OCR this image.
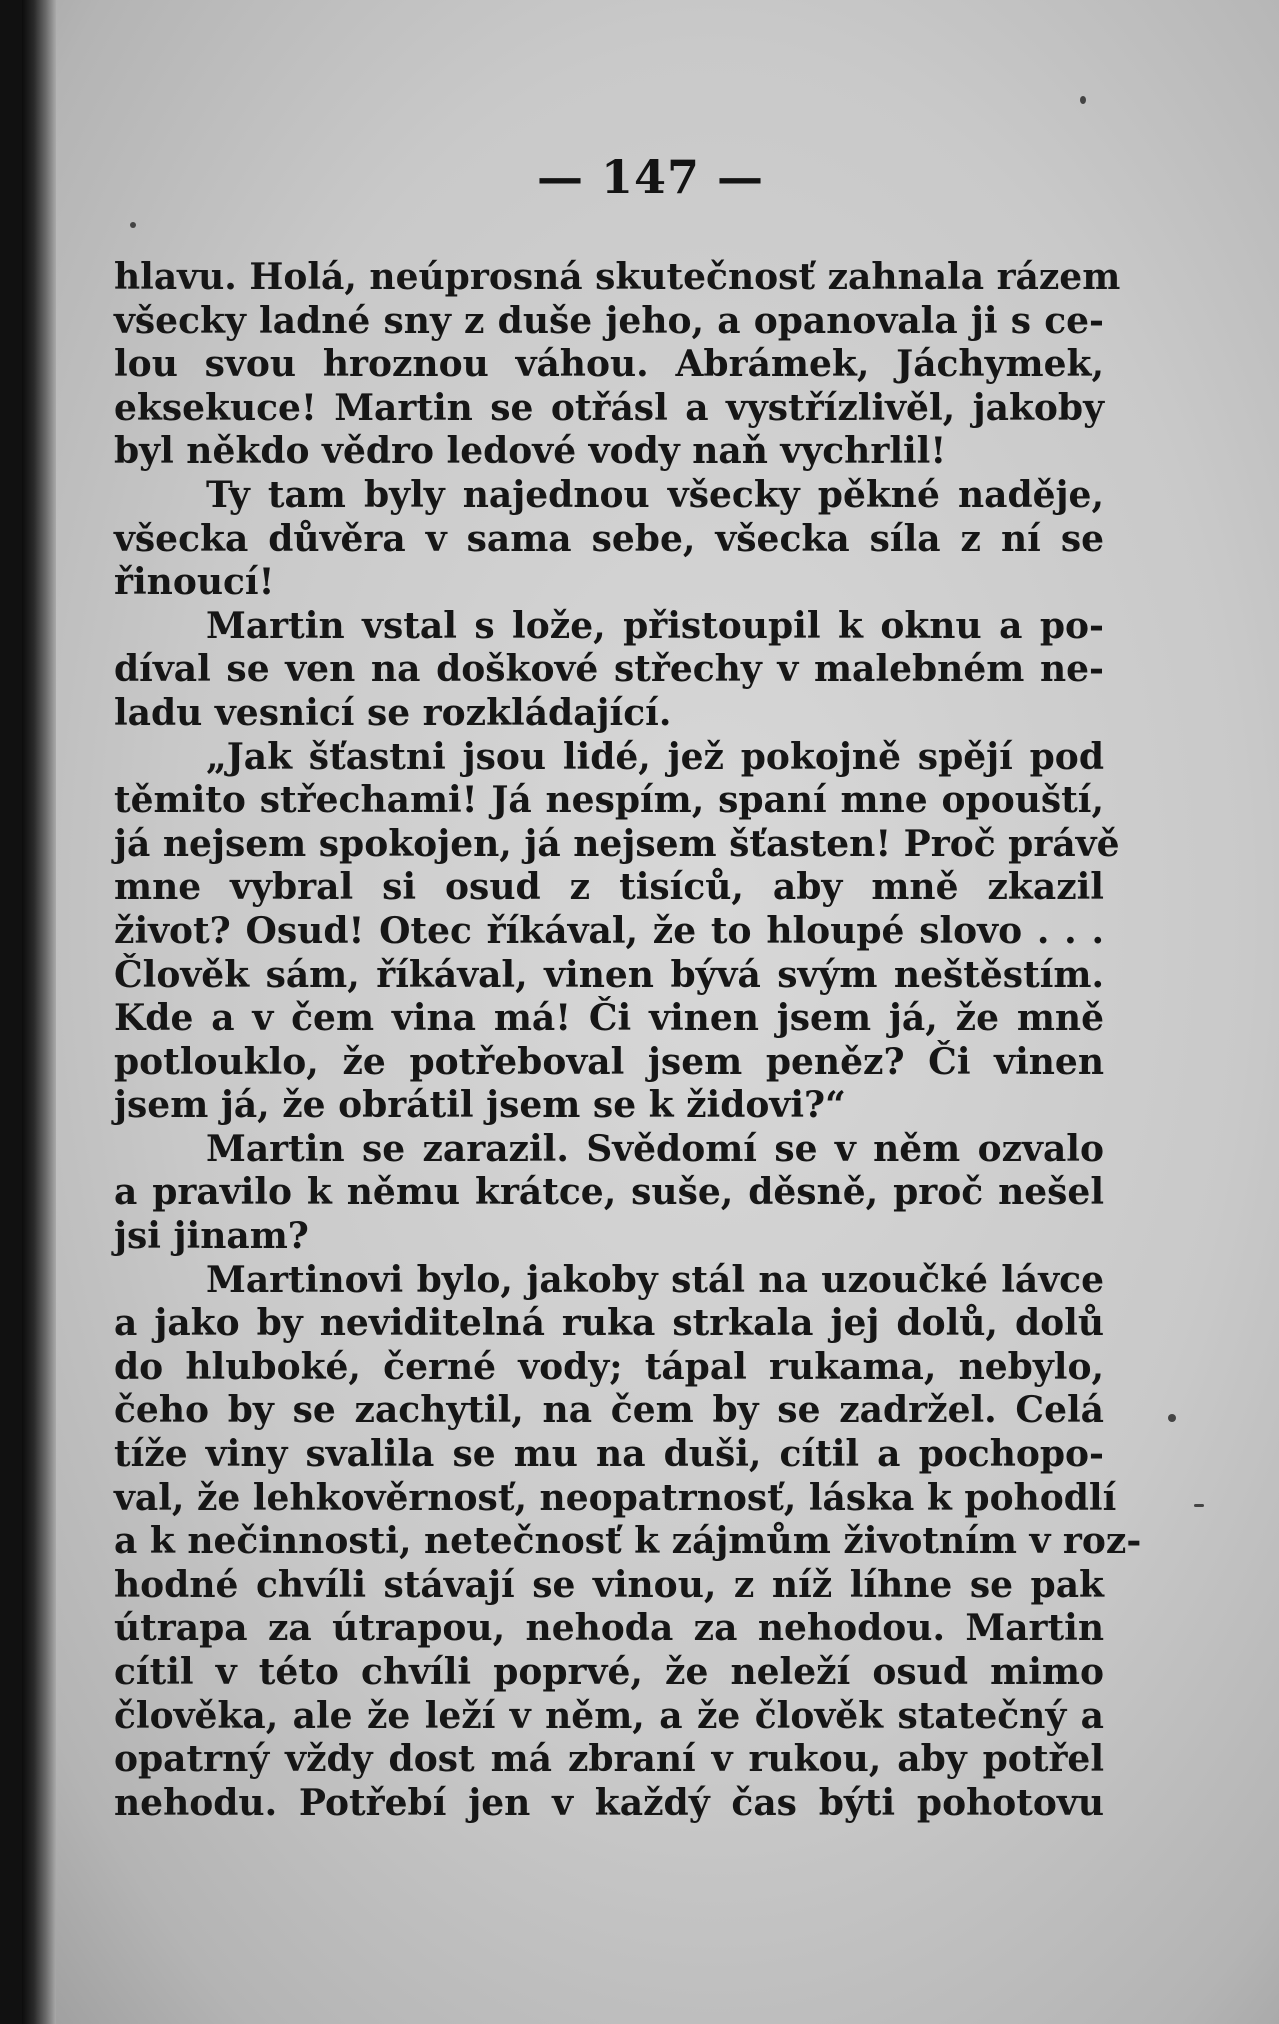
— 147 —
hlavu. Holá, neúprosná skutečnosť zahnala rázem
všecky ladné sny z duše jeho, a opanovala ji s ce-
lou svou hroznou váhou. Abrámek, Jáchymek,
eksekuce! Martin se otřásl a vystřízlivěl, jakoby
byl někdo vědro ledové vody naň vychrlil!
Ty tam byly najednou všecky pěkné naděje,
všecka důvěra v sama sebe, všecka síla z ní se
řinoucí!
Martin vstal s lože, přistoupil k oknu a po-
díval se ven na doškové střechy v malebném ne-
ladu vesnicí se rozkládající.
„Jak šťastni jsou lidé, jež pokojně spějí pod
těmito střechami! Já nespím, spaní mne opouští,
já nejsem spokojen, já nejsem šťasten! Proč právě
mne vybral si osud z tisíců, aby mně zkazil
život? Osud! Otec říkával, že to hloupé slovo . . .
Člověk sám, říkával, vinen bývá svým neštěstím.
Kde a v čem vina má! Či vinen jsem já, že mně
potlouklo, že potřeboval jsem peněz? Či vinen
jsem já, že obrátil jsem se k židovi?“
Martin se zarazil. Svědomí se v něm ozvalo
a pravilo k němu krátce, suše, děsně, proč nešel
jsi jinam?
Martinovi bylo, jakoby stál na uzoučké lávce
a jako by neviditelná ruka strkala jej dolů, dolů
do hluboké, černé vody; tápal rukama, nebylo,
čeho by se zachytil, na čem by se zadržel. Celá
tíže viny svalila se mu na duši, cítil a pochopo-
val, že lehkověrnosť, neopatrnosť, láska k pohodlí
a k nečinnosti, netečnosť k zájmům životním v roz-
hodné chvíli stávají se vinou, z níž líhne se pak
útrapa za útrapou, nehoda za nehodou. Martin
cítil v této chvíli poprvé, že neleží osud mimo
člověka, ale že leží v něm, a že člověk statečný a
opatrný vždy dost má zbraní v rukou, aby potřel
nehodu. Potřebí jen v každý čas býti pohotovu
